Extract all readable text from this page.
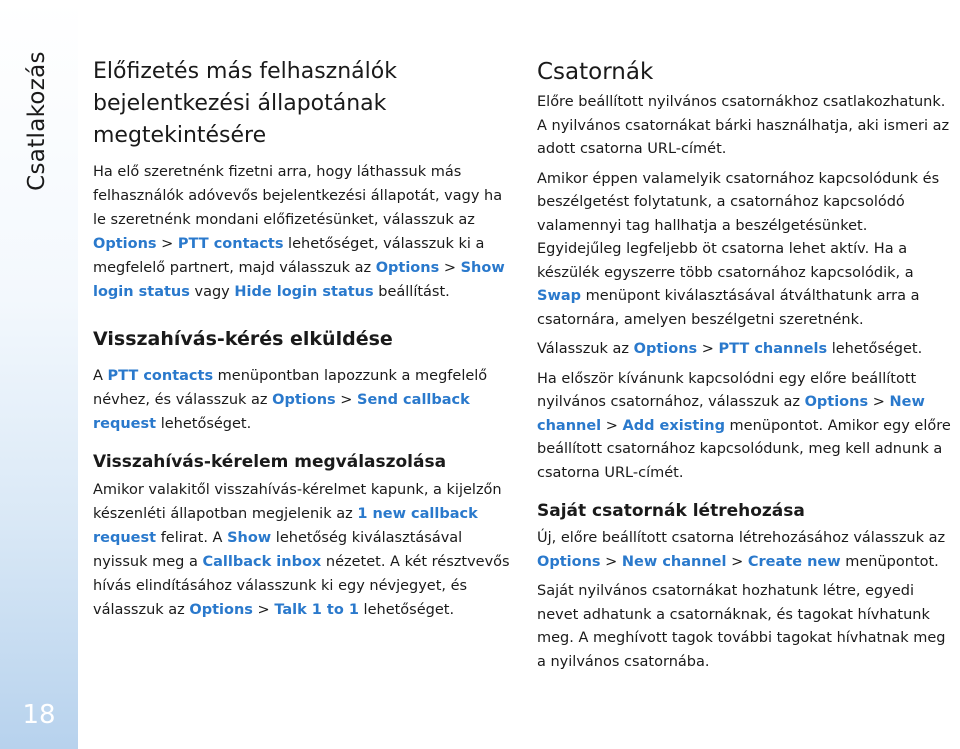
Csatlakozás
18
Előfizetés más felhasználók
bejelentkezési állapotának
megtekintésére

Ha elő szeretnénk fizetni arra, hogy láthassuk más felhasználók adóvevős bejelentkezési állapotát, vagy ha le szeretnénk mondani előfizetésünket, válasszuk az Options > PTT contacts lehetőséget, válasszuk ki a megfelelő partnert, majd válasszuk az Options > Show login status vagy Hide login status beállítást.

Visszahívás-kérés elküldése

A PTT contacts menüpontban lapozzunk a megfelelő névhez, és válasszuk az Options > Send callback request lehetőséget.

Visszahívás-kérelem megválaszolása

Amikor valakitől visszahívás-kérelmet kapunk, a kijelzőn készenléti állapotban megjelenik az 1 new callback request felirat. A Show lehetőség kiválasztásával nyissuk meg a Callback inbox nézetet. A két résztvevős hívás elindításához válasszunk ki egy névjegyet, és válasszuk az Options > Talk 1 to 1 lehetőséget.

Csatornák

Előre beállított nyilvános csatornákhoz csatlakozhatunk. A nyilvános csatornákat bárki használhatja, aki ismeri az adott csatorna URL-címét.

Amikor éppen valamelyik csatornához kapcsolódunk és beszélgetést folytatunk, a csatornához kapcsolódó valamennyi tag hallhatja a beszélgetésünket. Egyidejűleg legfeljebb öt csatorna lehet aktív. Ha a készülék egyszerre több csatornához kapcsolódik, a Swap menüpont kiválasztásával átválthatunk arra a csatornára, amelyen beszélgetni szeretnénk.

Válasszuk az Options > PTT channels lehetőséget.

Ha először kívánunk kapcsolódni egy előre beállított nyilvános csatornához, válasszuk az Options > New channel > Add existing menüpontot. Amikor egy előre beállított csatornához kapcsolódunk, meg kell adnunk a csatorna URL-címét.

Saját csatornák létrehozása

Új, előre beállított csatorna létrehozásához válasszuk az Options > New channel > Create new menüpontot.

Saját nyilvános csatornákat hozhatunk létre, egyedi nevet adhatunk a csatornáknak, és tagokat hívhatunk meg. A meghívott tagok további tagokat hívhatnak meg a nyilvános csatornába.
